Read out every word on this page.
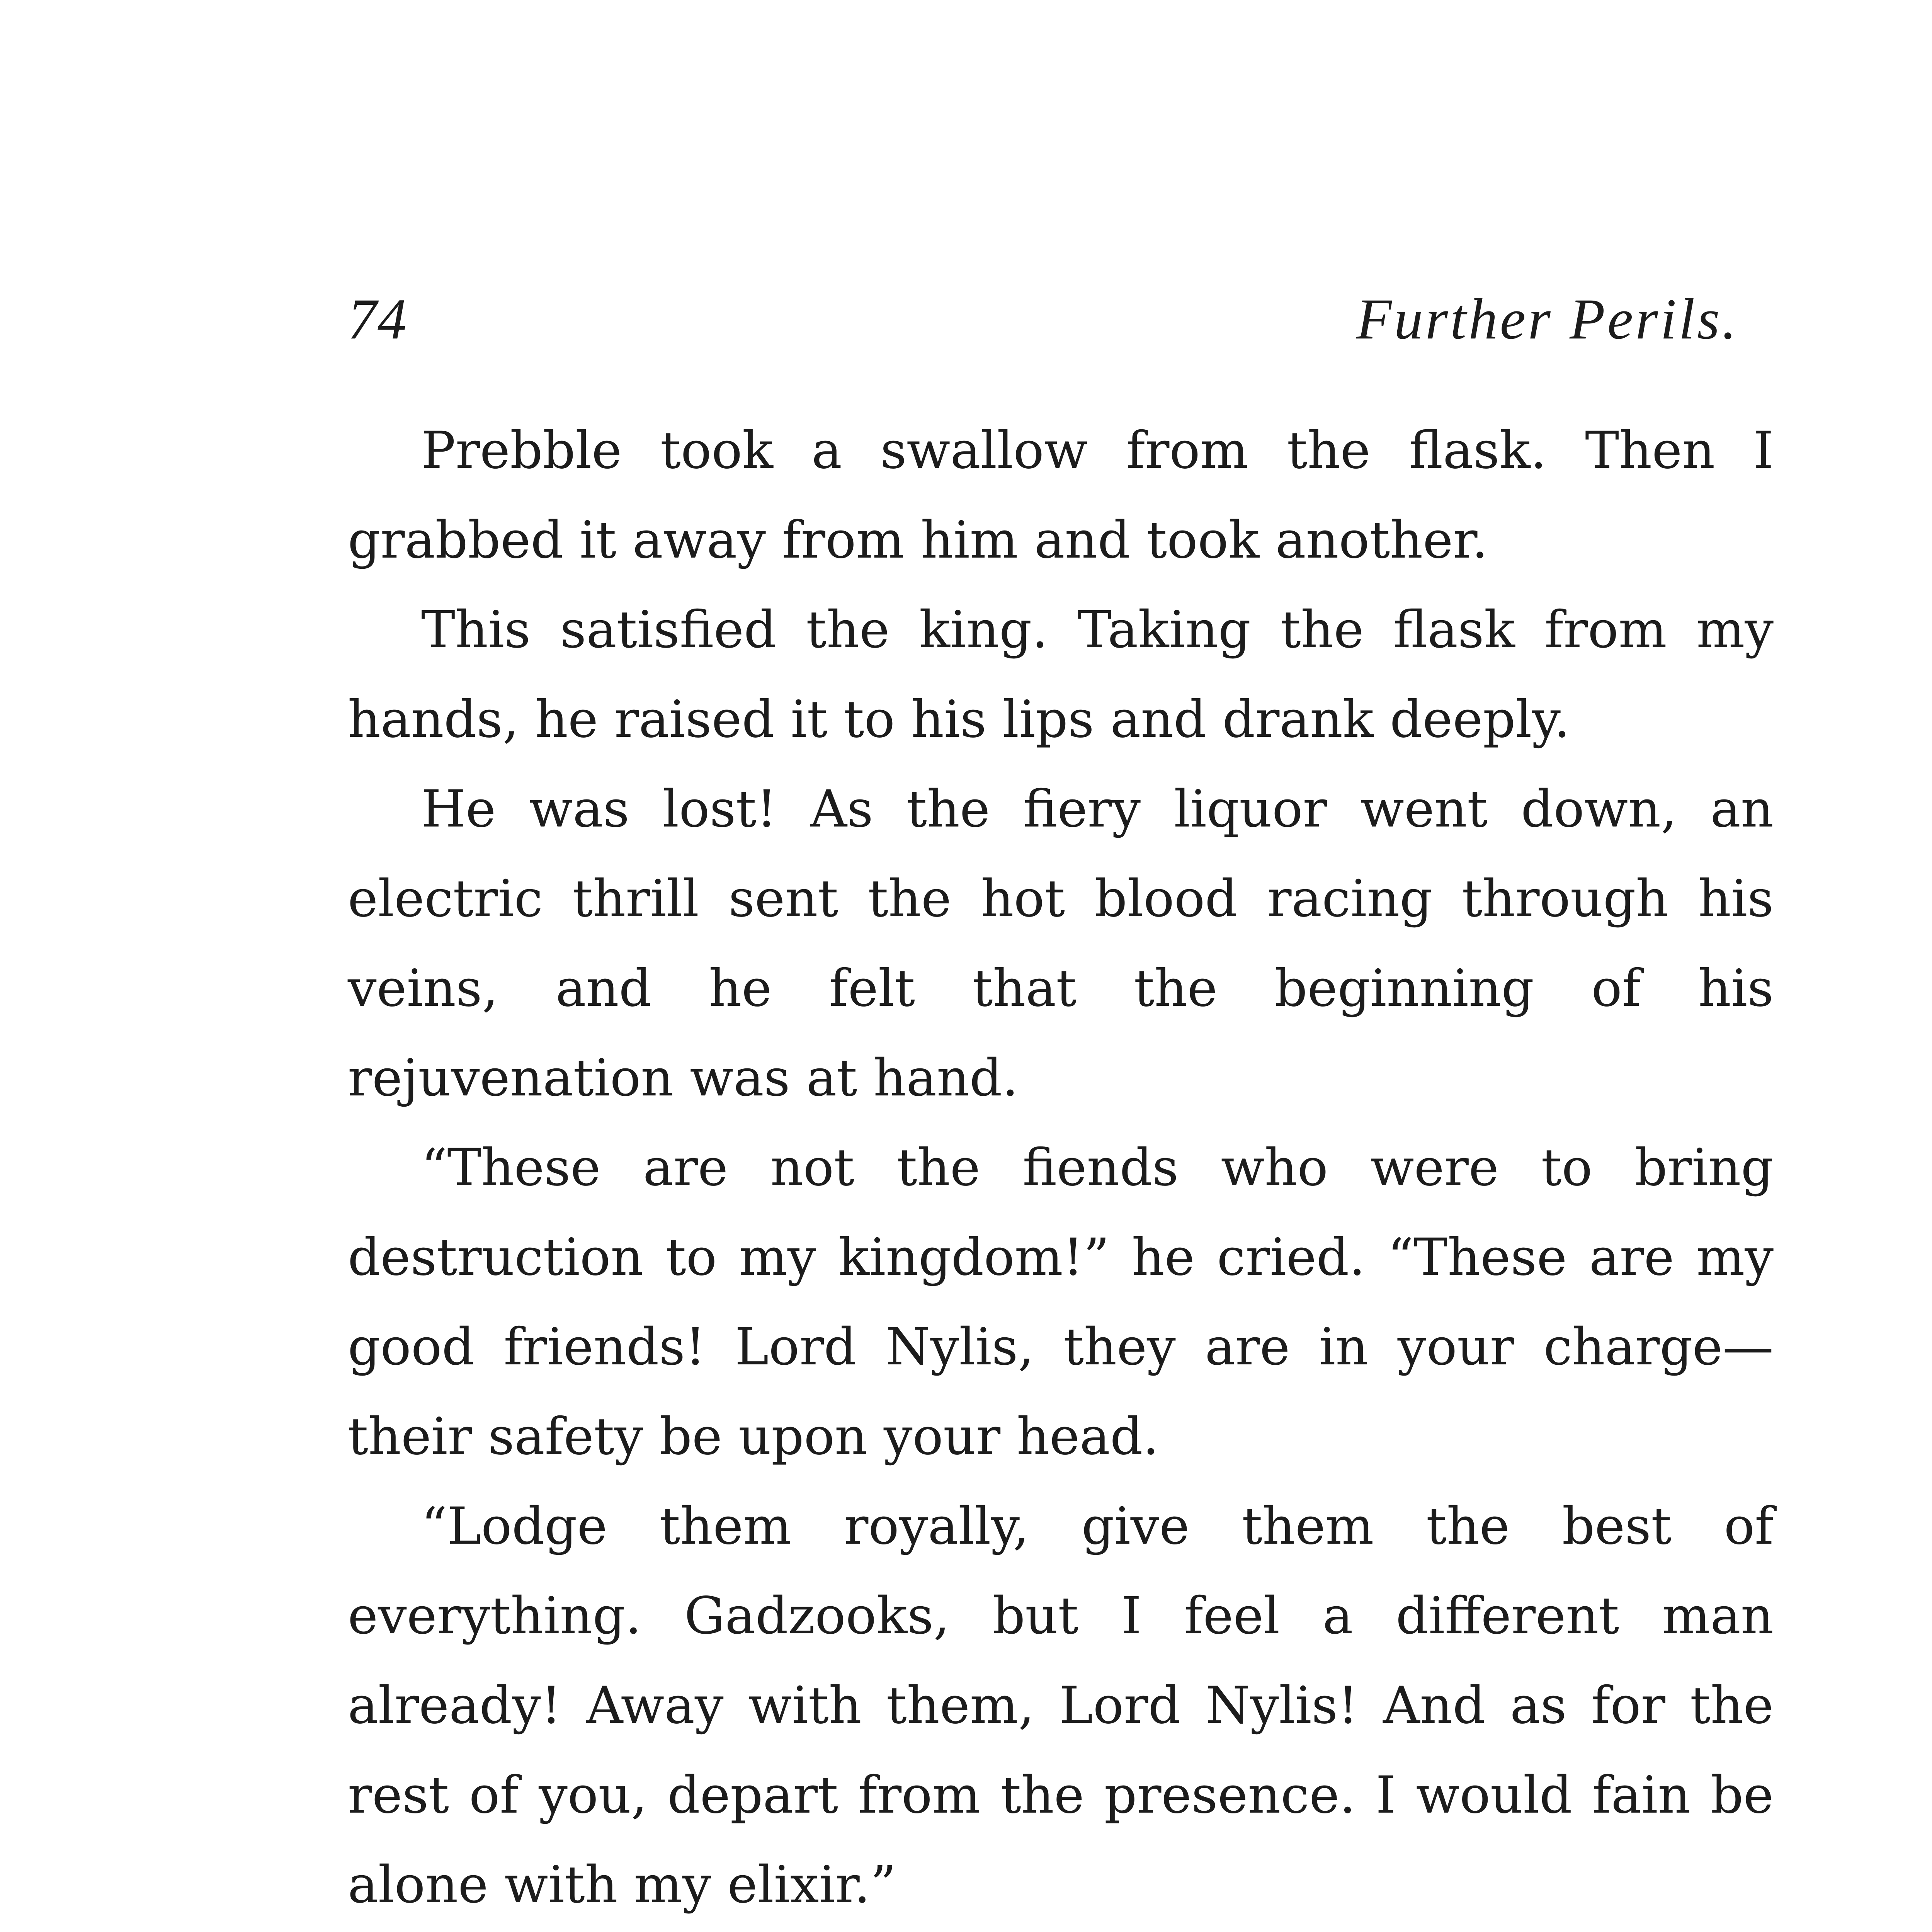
74	Further Perils.

Prebble took a swallow from the flask. Then I grabbed it away from him and took another.

This satisfied the king. Taking the flask from my hands, he raised it to his lips and drank deeply.

He was lost! As the fiery liquor went down, an electric thrill sent the hot blood racing through his veins, and he felt that the beginning of his rejuvenation was at hand.

“These are not the fiends who were to bring destruction to my kingdom!” he cried. “These are my good friends! Lord Nylis, they are in your charge—their safety be upon your head.

“Lodge them royally, give them the best of everything. Gadzooks, but I feel a different man already! Away with them, Lord Nylis! And as for the rest of you, depart from the presence. I would fain be alone with my elixir.”
